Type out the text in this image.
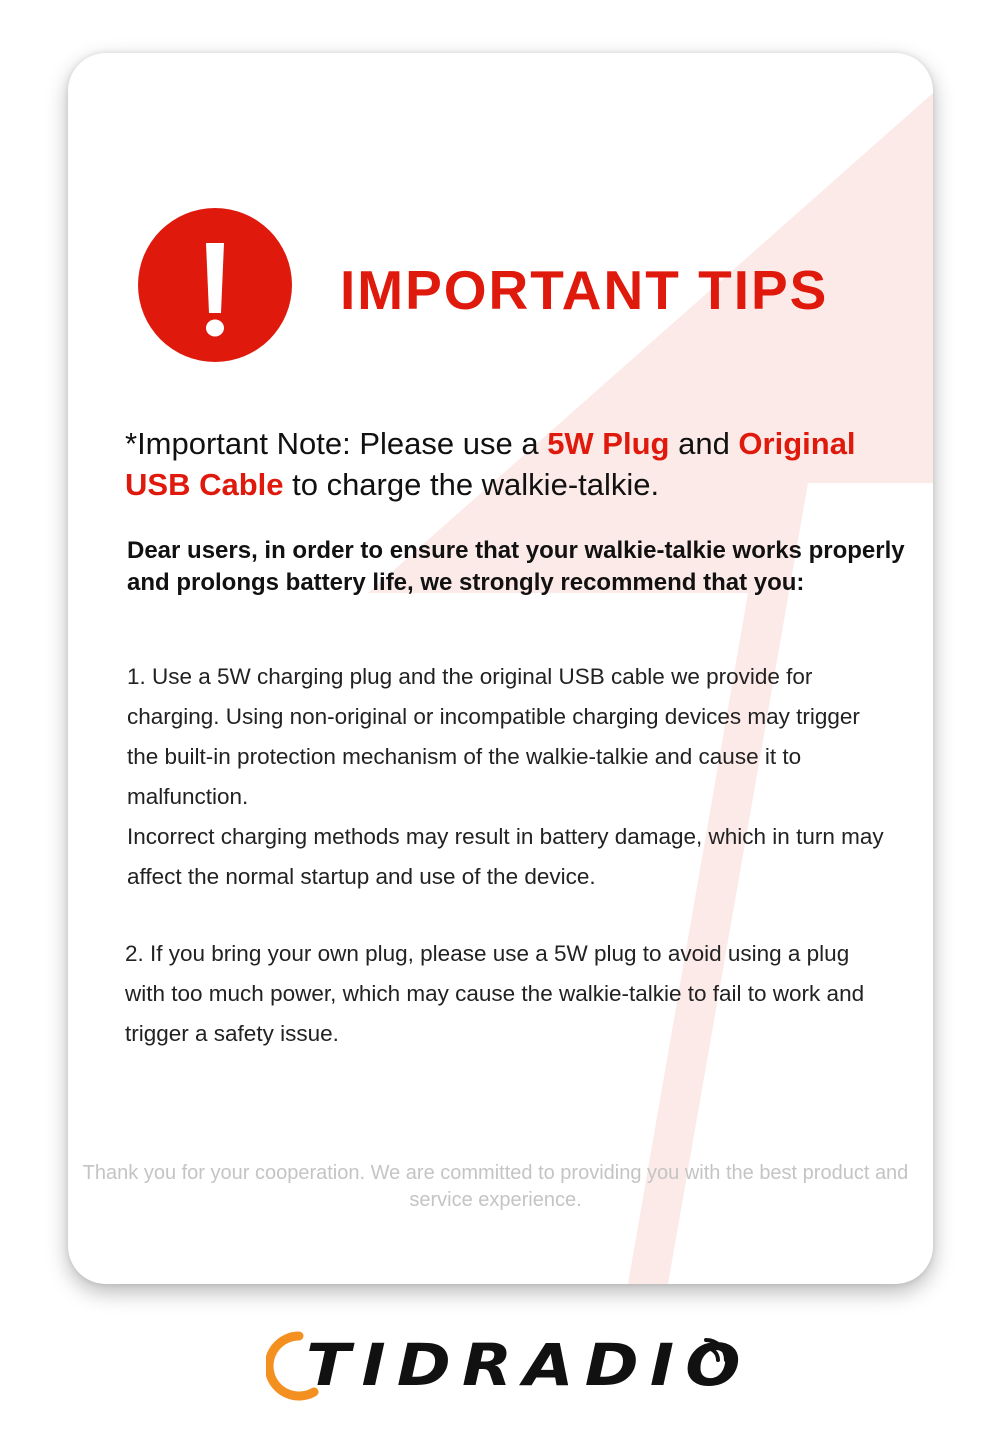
IMPORTANT TIPS
*Important Note: Please use a 5W Plug and Original USB Cable to charge the walkie-talkie.
Dear users, in order to ensure that your walkie-talkie works properly and prolongs battery life, we strongly recommend that you:

1. Use a 5W charging plug and the original USB cable we provide for charging. Using non-original or incompatible charging devices may trigger the built-in protection mechanism of the walkie-talkie and cause it to malfunction.

Incorrect charging methods may result in battery damage, which in turn may affect the normal startup and use of the device.

2. If you bring your own plug, please use a 5W plug to avoid using a plug with too much power, which may cause the walkie-talkie to fail to work and trigger a safety issue.

Thank you for your cooperation. We are committed to providing you with the best product and service experience.
TIDRADIO
